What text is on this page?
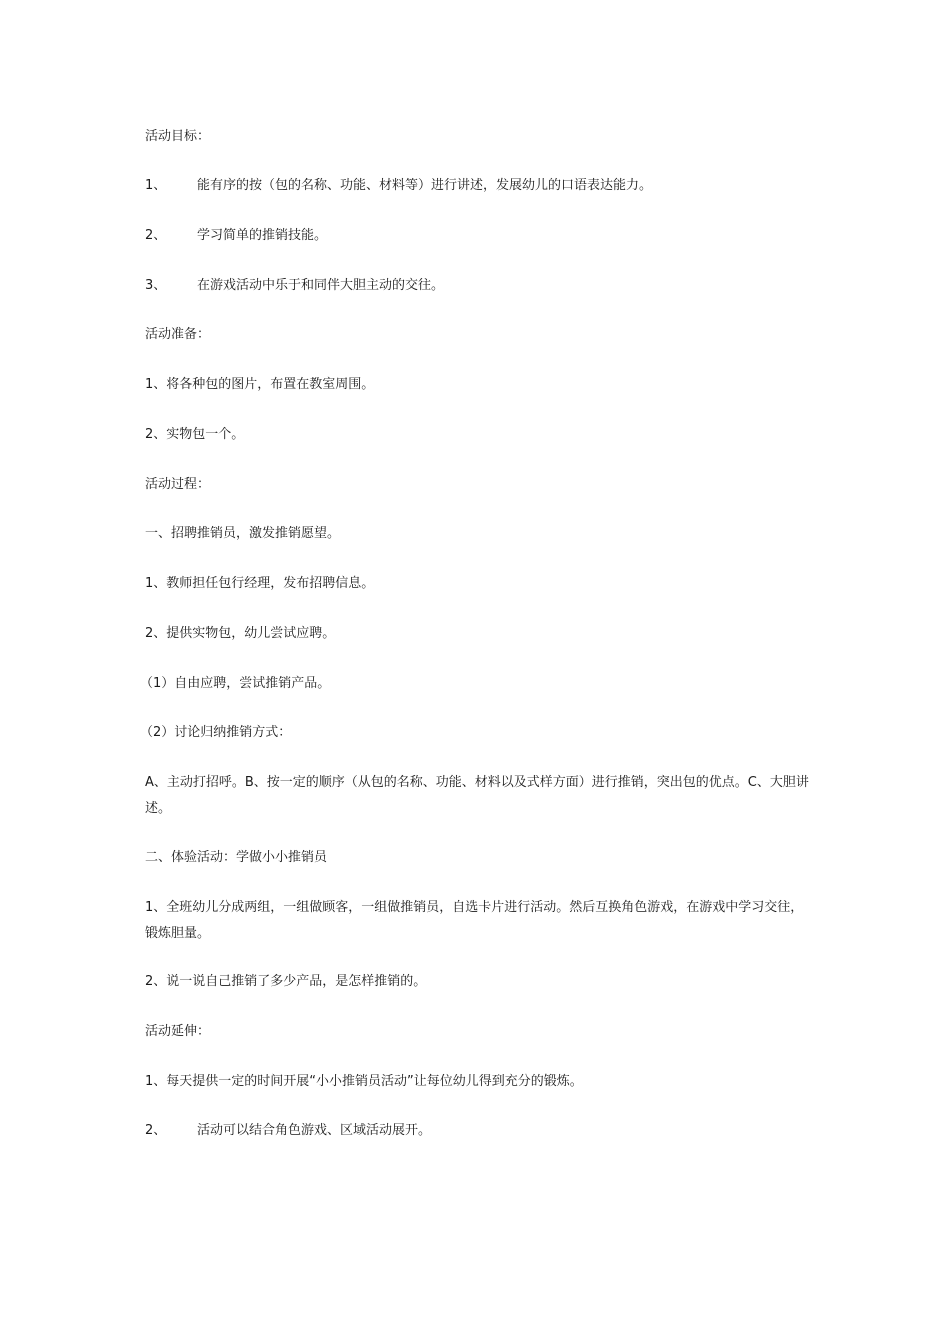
活动目标：
1、 能有序的按（包的名称、功能、材料等）进行讲述，发展幼儿的口语表达能力。
2、 学习简单的推销技能。
3、 在游戏活动中乐于和同伴大胆主动的交往。
活动准备：
1、将各种包的图片，布置在教室周围。
2、实物包一个。
活动过程：
一、招聘推销员，激发推销愿望。
1、教师担任包行经理，发布招聘信息。
2、提供实物包，幼儿尝试应聘。
（1）自由应聘，尝试推销产品。
（2）讨论归纳推销方式：
A、主动打招呼。B、按一定的顺序（从包的名称、功能、材料以及式样方面）进行推销，突出包的优点。C、大胆讲述。
二、体验活动：学做小小推销员
1、全班幼儿分成两组，一组做顾客，一组做推销员，自选卡片进行活动。然后互换角色游戏，在游戏中学习交往，锻炼胆量。
2、说一说自己推销了多少产品，是怎样推销的。
活动延伸：
1、每天提供一定的时间开展“小小推销员活动”让每位幼儿得到充分的锻炼。
2、 活动可以结合角色游戏、区域活动展开。
